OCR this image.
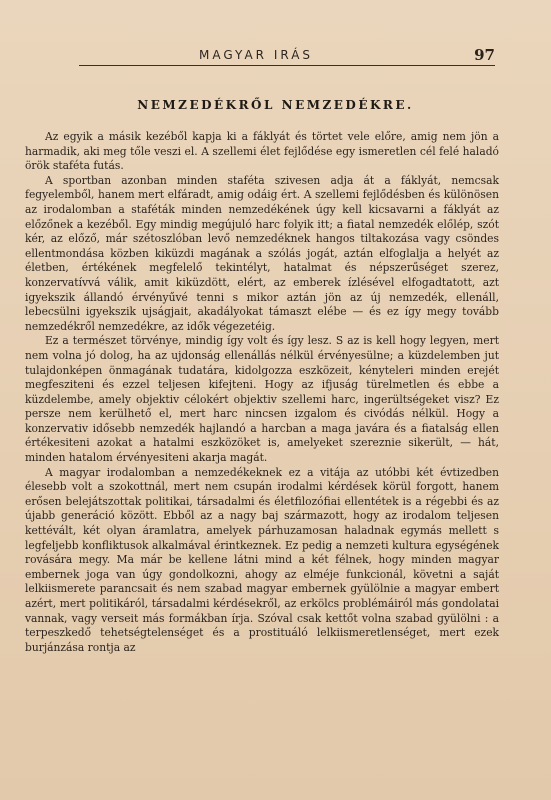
MAGYAR IRÁS	97
NEMZEDÉKRŐL NEMZEDÉKRE.

Az egyik a másik kezéből kapja ki a fáklyát és törtet vele előre, amig nem jön a harmadik, aki meg tőle veszi el. A szellemi élet fejlődése egy ismeretlen cél felé haladó örök staféta futás.

A sportban azonban minden staféta szivesen adja át a fáklyát, nemcsak fegyelemből, hanem mert elfáradt, amig odáig ért. A szellemi fejlődésben és különösen az irodalomban a staféták minden nemzedékének úgy kell kicsavarni a fáklyát az előzőnek a kezéből. Egy mindig megújuló harc folyik itt; a fiatal nemzedék előlép, szót kér, az előző, már szétoszlóban levő nemzedéknek hangos tiltakozása vagy csöndes ellentmondása közben kiküzdi magának a szólás jogát, aztán elfoglalja a helyét az életben, értékének megfelelő tekintélyt, hatalmat és népszerűséget szerez, konzervatívvá válik, amit kiküzdött, elért, az emberek ízlésével elfogadtatott, azt igyekszik állandó érvényűvé tenni s mikor aztán jön az új nemzedék, ellenáll, lebecsülni igyekszik ujságjait, akadályokat támaszt elébe — és ez így megy tovább nemzedékről nemzedékre, az idők végezetéig.

Ez a természet törvénye, mindig így volt és így lesz. S az is kell hogy legyen, mert nem volna jó dolog, ha az ujdonság ellenállás nélkül érvényesülne; a küzdelemben jut tulajdonképen önmagának tudatára, kidolgozza eszközeit, kényteleri minden erejét megfesziteni és ezzel teljesen kifejteni. Hogy az ifjuság türelmetlen és ebbe a küzdelembe, amely objektiv célokért objektiv szellemi harc, ingerültségeket visz? Ez persze nem kerülhető el, mert harc nincsen izgalom és civódás nélkül. Hogy a konzervativ idősebb nemzedék hajlandó a harcban a maga javára és a fiatalság ellen értékesiteni azokat a hatalmi eszközöket is, amelyeket szereznie sikerült, — hát, minden hatalom érvényesiteni akarja magát.

A magyar irodalomban a nemzedékeknek ez a vitája az utóbbi két évtizedben élesebb volt a szokottnál, mert nem csupán irodalmi kérdések körül forgott, hanem erősen belejátszottak politikai, társadalmi és életfilozófiai ellentétek is a régebbi és az újabb generáció között. Ebből az a nagy baj származott, hogy az irodalom teljesen kettévált, két olyan áramlatra, amelyek párhuzamosan haladnak egymás mellett s legfeljebb konfliktusok alkalmával érintkeznek. Ez pedig a nemzeti kultura egységének rovására megy. Ma már be kellene látni mind a két félnek, hogy minden magyar embernek joga van úgy gondolkozni, ahogy az elméje funkcionál, követni a saját lelkiismerete parancsait és nem szabad magyar embernek gyülölnie a magyar embert azért, mert politikáról, társadalmi kérdésekről, az erkölcs problémáiról más gondolatai vannak, vagy verseit más formákban írja. Szóval csak kettőt volna szabad gyülölni : a terpeszkedő tehetségtelenséget és a prostituáló lelkiismeretlenséget, mert ezek burjánzása rontja az
